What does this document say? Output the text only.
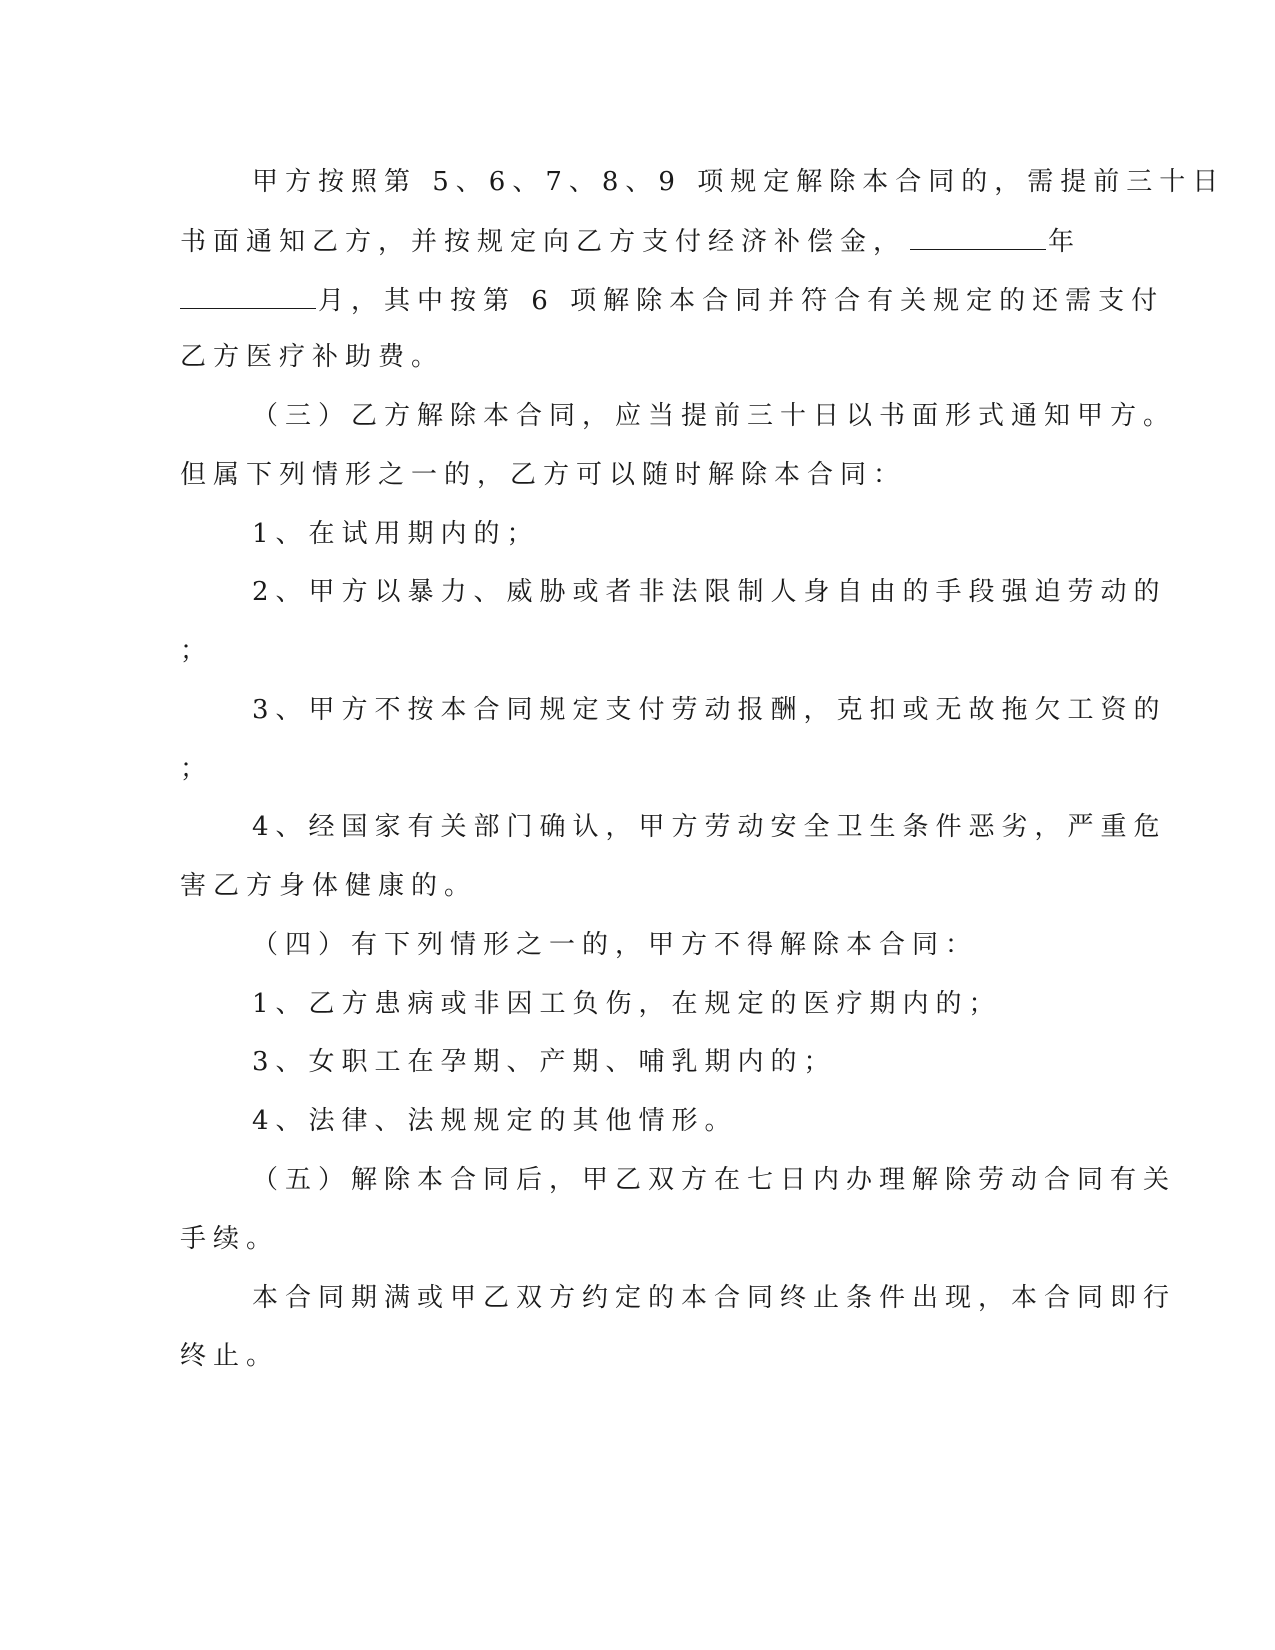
甲方按照第 5、6、7、8、9 项规定解除本合同的，需提前三十日
书面通知乙方，并按规定向乙方支付经济补偿金，	年
月，其中按第 6 项解除本合同并符合有关规定的还需支付
乙方医疗补助费。
（三）乙方解除本合同，应当提前三十日以书面形式通知甲方。
但属下列情形之一的，乙方可以随时解除本合同：
1、在试用期内的；
2、甲方以暴力、威胁或者非法限制人身自由的手段强迫劳动的
；
3、甲方不按本合同规定支付劳动报酬，克扣或无故拖欠工资的
；
4、经国家有关部门确认，甲方劳动安全卫生条件恶劣，严重危
害乙方身体健康的。
（四）有下列情形之一的，甲方不得解除本合同：
1、乙方患病或非因工负伤，在规定的医疗期内的；
3、女职工在孕期、产期、哺乳期内的；
4、法律、法规规定的其他情形。
（五）解除本合同后，甲乙双方在七日内办理解除劳动合同有关
手续。
本合同期满或甲乙双方约定的本合同终止条件出现，本合同即行
终止。
